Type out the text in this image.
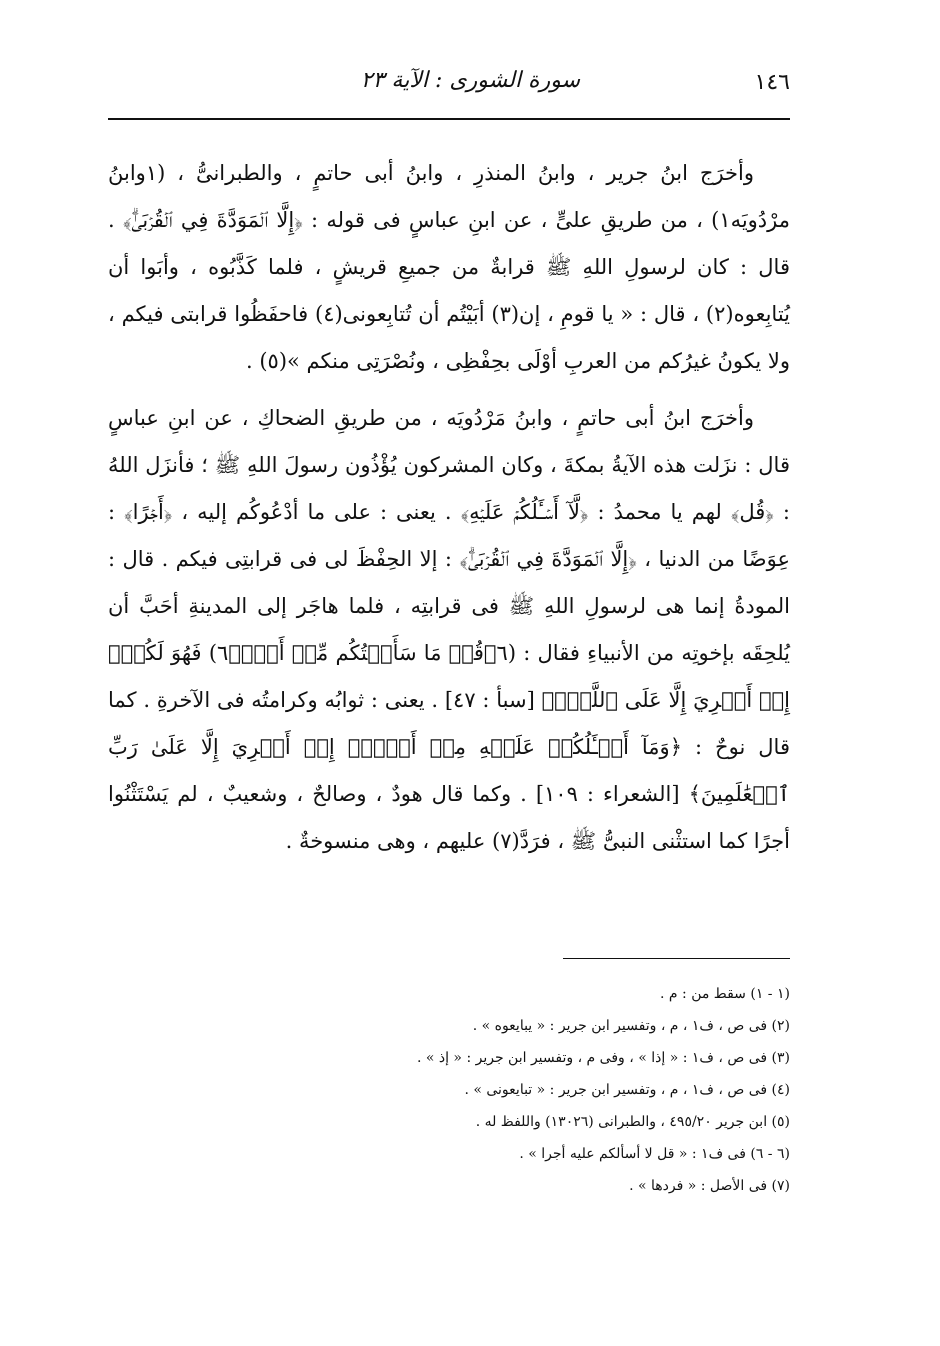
١٤٦
سورة الشورى : الآية ٢٣

وأخرَج ابنُ جرير ، وابنُ المنذرِ ، وابنُ أبى حاتمٍ ، والطبرانىُّ ، (١وابنُ مرْدُويَه١) ، من طريقِ علىٍّ ، عن ابنِ عباسٍ فى قوله : ﴿إِلَّا ٱلۡمَوَدَّةَ فِي ٱلۡقُرۡبَىٰۗ﴾ . قال : كان لرسولِ اللهِ ﷺ قرابةٌ من جميعِ قريشٍ ، فلما كَذَّبُوه ، وأبَوا أن يُتابِعوه(٢) ، قال : « يا قومِ ، إن(٣) أبَيْتُم أن تُتابِعونى(٤) فاحفَظُوا قرابتى فيكم ، ولا يكونُ غيرُكم من العربِ أوْلَى بحِفْظِى ، ونُصْرَتِى منكم »(٥) .

وأخرَج ابنُ أبى حاتمٍ ، وابنُ مَرْدُويَه ، من طريقِ الضحاكِ ، عن ابنِ عباسٍ قال : نزَلت هذه الآيةُ بمكةَ ، وكان المشركون يُؤْذُون رسولَ اللهِ ﷺ ؛ فأنزَل اللهُ : ﴿قُل﴾ لهم يا محمدُ : ﴿لَّآ أَسۡـَٔلُكُمۡ عَلَيۡهِ﴾ . يعنى : على ما أدْعُوكُم إليه ، ﴿أَجۡرًا﴾ : عِوَضًا من الدنيا ، ﴿إِلَّا ٱلۡمَوَدَّةَ فِي ٱلۡقُرۡبَىٰۗ﴾ : إلا الحِفْظَ لى فى قرابتِى فيكم . قال : المودةُ إنما هى لرسولِ اللهِ ﷺ فى قرابتِه ، فلما هاجَر إلى المدينةِ أحَبَّ أن يُلحِقَه بإخوتِه من الأنبياءِ فقال : (٦﴿قُلۡ مَا سَأَلۡتُكُم مِّنۡ أَجۡرٖ٦) فَهُوَ لَكُمۡۖ إِنۡ أَجۡرِيَ إِلَّا عَلَى ٱللَّهِۖ﴾ [سبأ : ٤٧] . يعنى : ثوابُه وكرامتُه فى الآخرةِ . كما قال نوحٌ : ﴿وَمَآ أَسۡـَٔلُكُمۡ عَلَيۡهِ مِنۡ أَجۡرٍۖ إِنۡ أَجۡرِيَ إِلَّا عَلَىٰ رَبِّ ٱلۡعَٰلَمِينَ﴾ [الشعراء : ١٠٩] . وكما قال هودٌ ، وصالحٌ ، وشعيبٌ ، لم يَسْتَثْنُوا أجرًا كما استثْنى النبىُّ ﷺ ، فرَدَّ(٧) عليهم ، وهى منسوخةٌ .

(١ - ١) سقط من : م .

(٢) فى ص ، ف١ ، م ، وتفسير ابن جرير : « يبايعوه » .

(٣) فى ص ، ف١ : « إذا » ، وفى م ، وتفسير ابن جرير : « إذ » .

(٤) فى ص ، ف١ ، م ، وتفسير ابن جرير : « تبايعونى » .

(٥) ابن جرير ٤٩٥/٢٠ ، والطبرانى (١٣٠٢٦) واللفظ له .

(٦ - ٦) فى ف١ : « قل لا أسألكم عليه أجرا » .

(٧) فى الأصل : « فردها » .
